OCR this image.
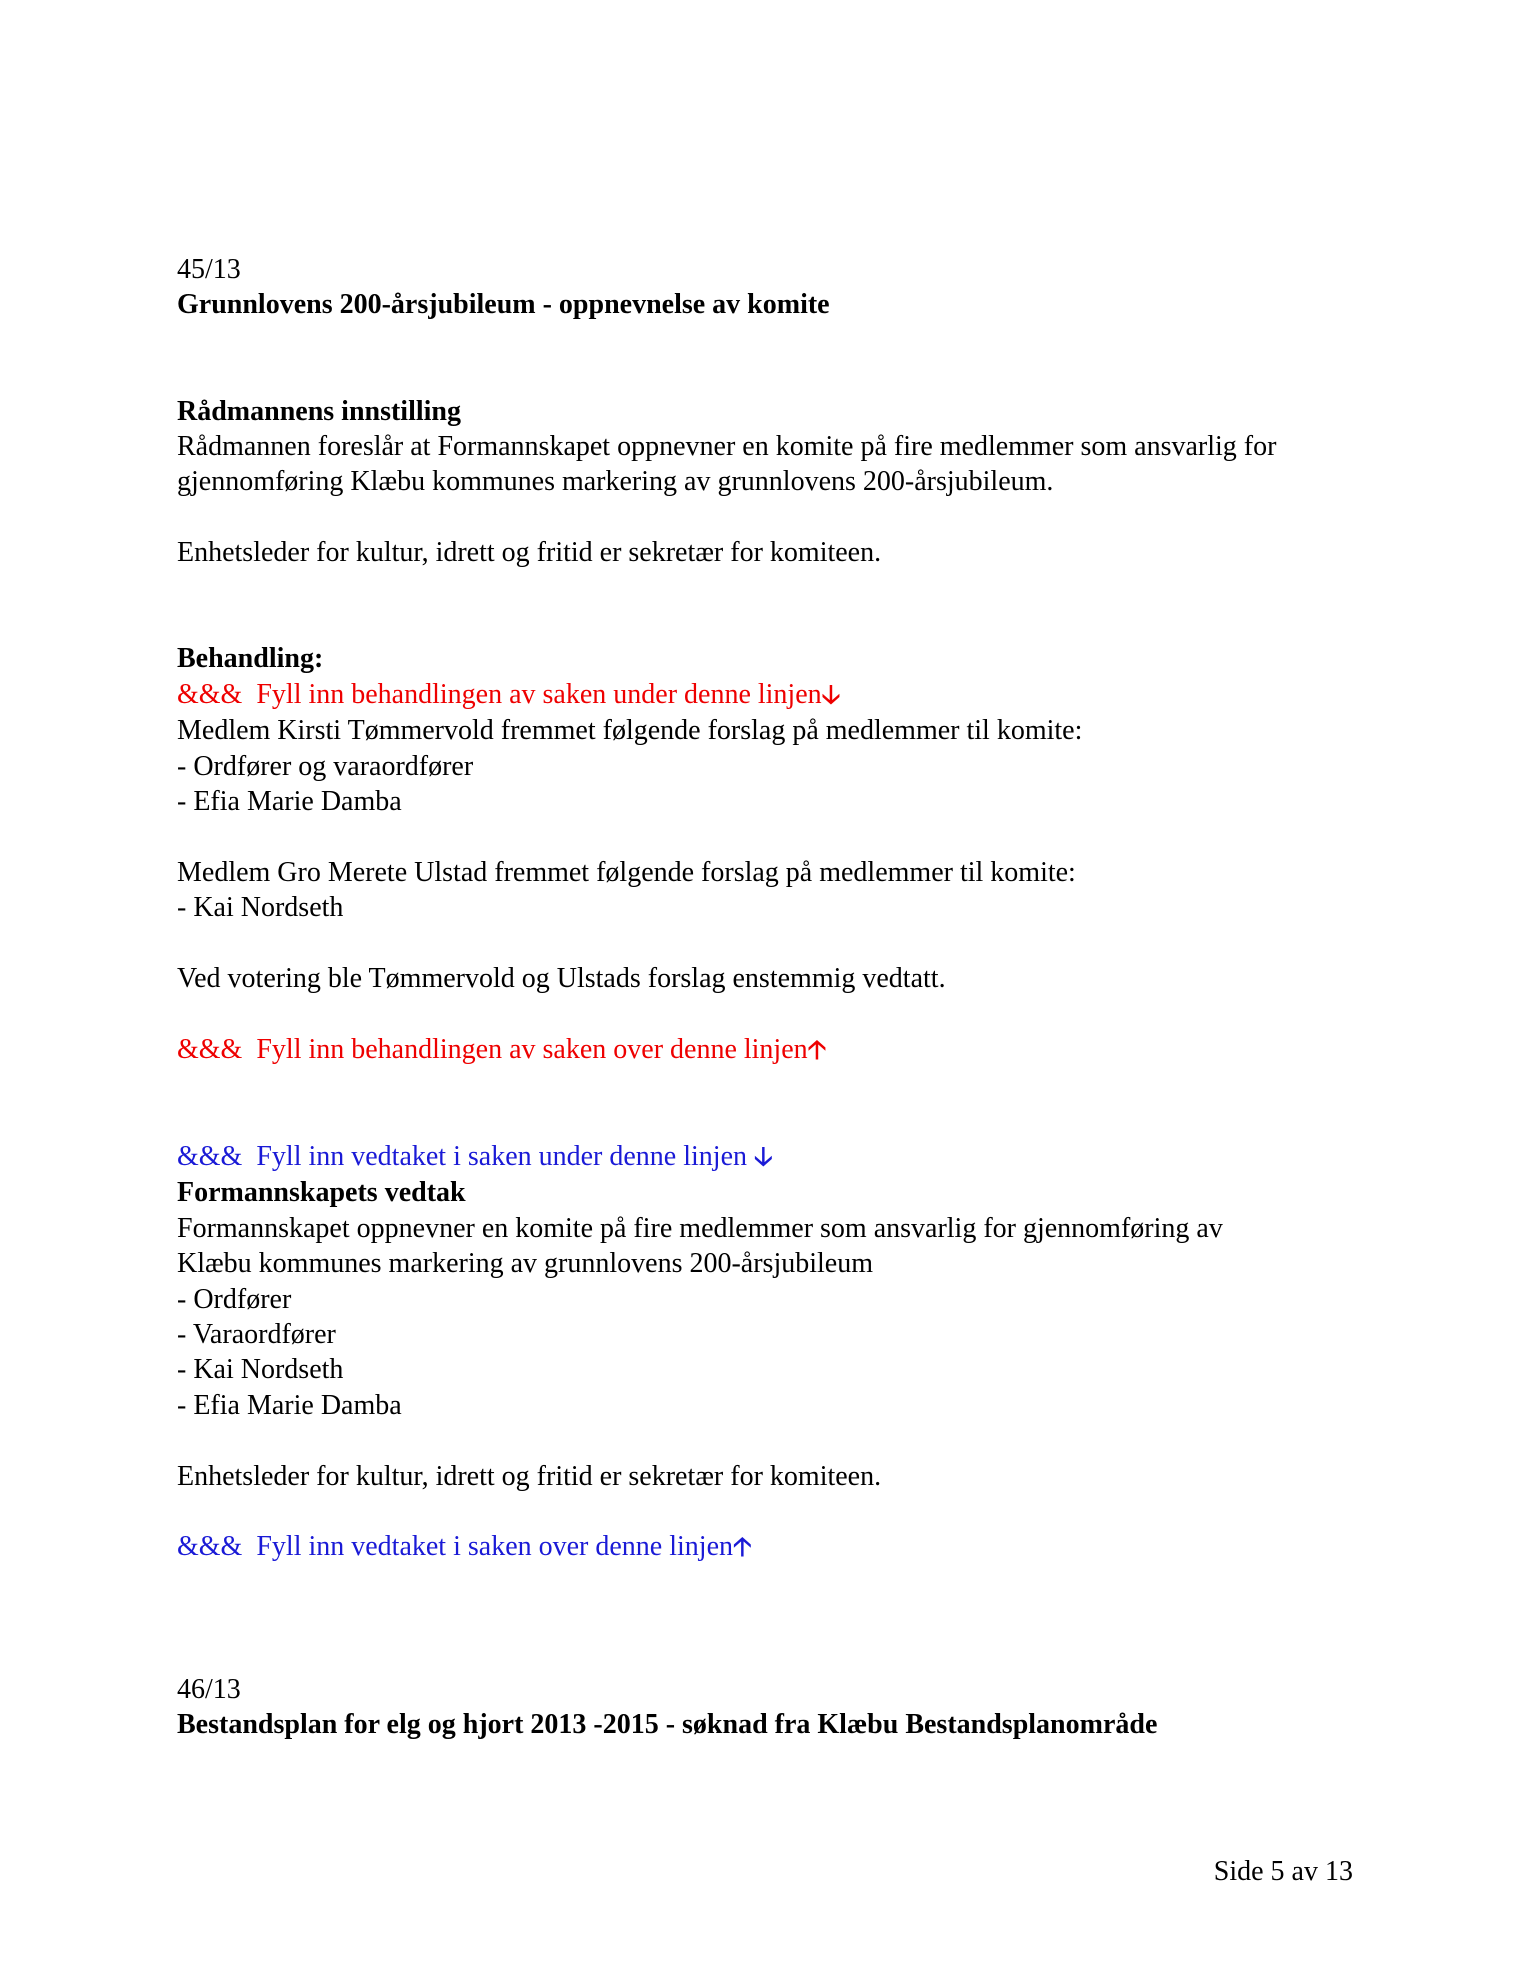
45/13
Grunnlovens 200-årsjubileum - oppnevnelse av komite
Rådmannens innstilling
Rådmannen foreslår at Formannskapet oppnevner en komite på fire medlemmer som ansvarlig for
gjennomføring Klæbu kommunes markering av grunnlovens 200-årsjubileum.
Enhetsleder for kultur, idrett og fritid er sekretær for komiteen.
Behandling:
&&&  Fyll inn behandlingen av saken under denne linjen🡣
Medlem Kirsti Tømmervold fremmet følgende forslag på medlemmer til komite:
- Ordfører og varaordfører
- Efia Marie Damba
Medlem Gro Merete Ulstad fremmet følgende forslag på medlemmer til komite:
- Kai Nordseth
Ved votering ble Tømmervold og Ulstads forslag enstemmig vedtatt.
&&&  Fyll inn behandlingen av saken over denne linjen🡡
&&&  Fyll inn vedtaket i saken under denne linjen 🡣
Formannskapets vedtak
Formannskapet oppnevner en komite på fire medlemmer som ansvarlig for gjennomføring av
Klæbu kommunes markering av grunnlovens 200-årsjubileum
- Ordfører
- Varaordfører
- Kai Nordseth
- Efia Marie Damba
Enhetsleder for kultur, idrett og fritid er sekretær for komiteen.
&&&  Fyll inn vedtaket i saken over denne linjen🡡
46/13
Bestandsplan for elg og hjort 2013 -2015 - søknad fra Klæbu Bestandsplanområde
Side 5 av 13
